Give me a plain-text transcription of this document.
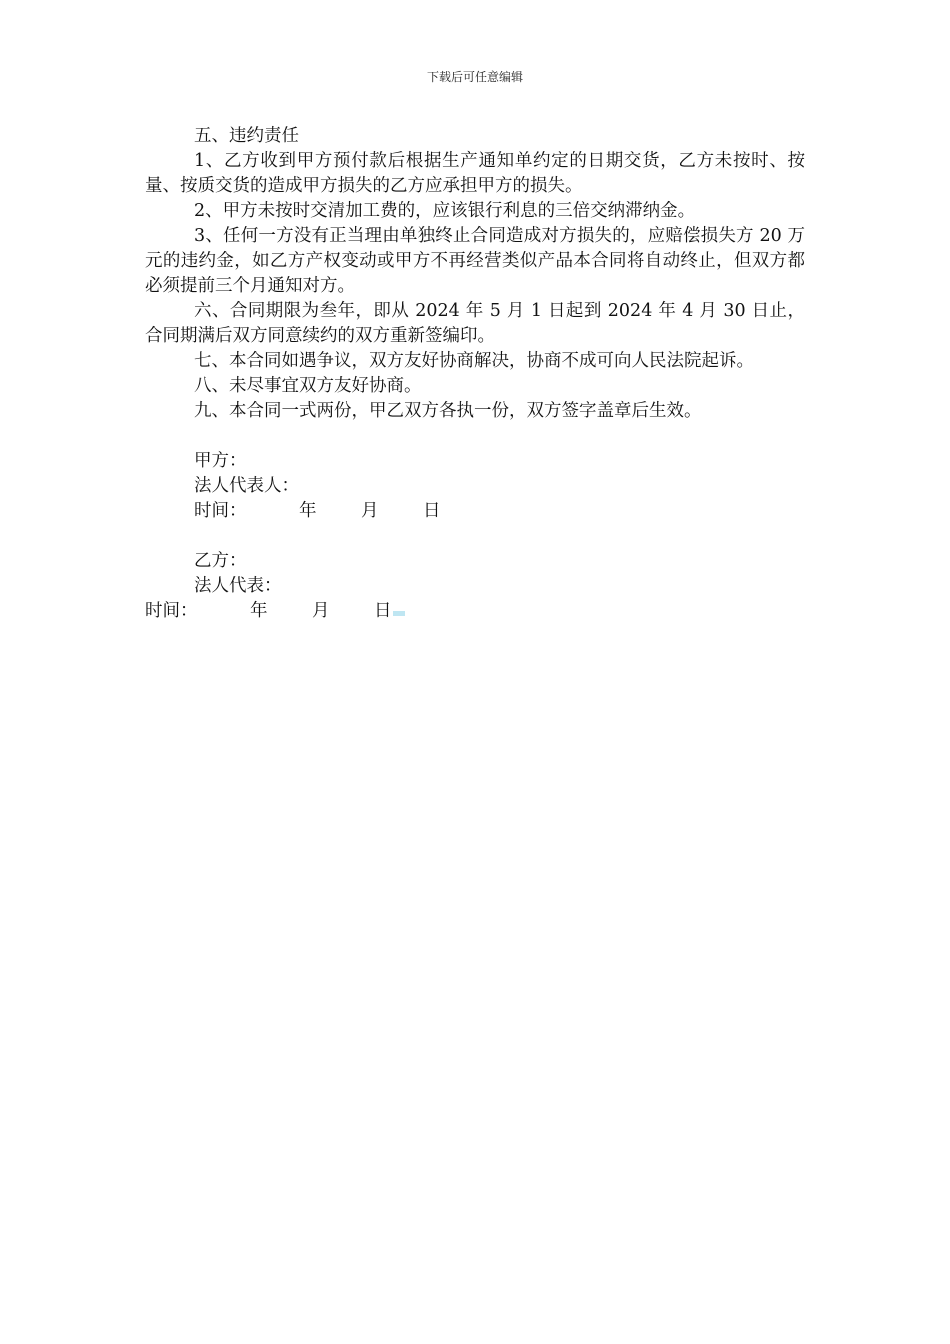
下载后可任意编辑

五、违约责任

1、乙方收到甲方预付款后根据生产通知单约定的日期交货，乙方未按时、按量、按质交货的造成甲方损失的乙方应承担甲方的损失。

2、甲方未按时交清加工费的，应该银行利息的三倍交纳滞纳金。

3、任何一方没有正当理由单独终止合同造成对方损失的，应赔偿损失方 20 万元的违约金，如乙方产权变动或甲方不再经营类似产品本合同将自动终止，但双方都必须提前三个月通知对方。

六、合同期限为叁年，即从 2024 年 5 月 1 日起到 2024 年 4 月 30 日止，合同期满后双方同意续约的双方重新签编印。

七、本合同如遇争议，双方友好协商解决，协商不成可向人民法院起诉。

八、未尽事宜双方友好协商。

九、本合同一式两份，甲乙双方各执一份，双方签字盖章后生效。

甲方：

法人代表人：

时间：	年	月	日

乙方：

法人代表：

时间：	年	月	日
